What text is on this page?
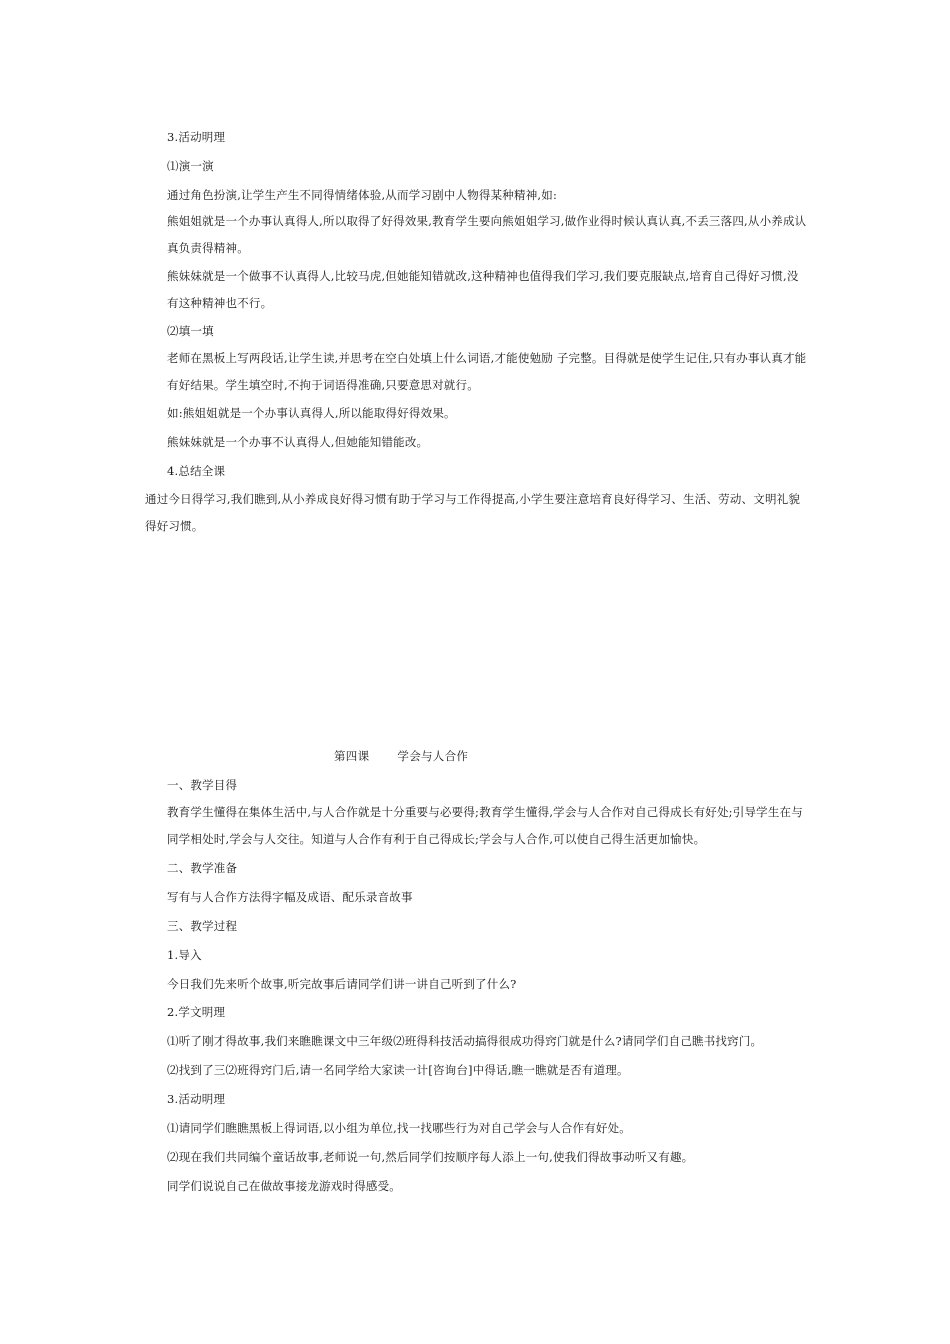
3.活动明理
⑴演一演
通过角色扮演,让学生产生不同得情绪体验,从而学习剧中人物得某种精神,如:
熊姐姐就是一个办事认真得人,所以取得了好得效果,教育学生要向熊姐姐学习,做作业得时候认真认真,不丢三落四,从小养成认真负责得精神。
熊妹妹就是一个做事不认真得人,比较马虎,但她能知错就改,这种精神也值得我们学习,我们要克服缺点,培育自己得好习惯,没有这种精神也不行。
⑵填一填
老师在黑板上写两段话,让学生读,并思考在空白处填上什么词语,才能使勉励 子完整。目得就是使学生记住,只有办事认真才能有好结果。学生填空时,不拘于词语得准确,只要意思对就行。
如:熊姐姐就是一个办事认真得人,所以能取得好得效果。
熊妹妹就是一个办事不认真得人,但她能知错能改。
4.总结全课
通过今日得学习,我们瞧到,从小养成良好得习惯有助于学习与工作得提高,小学生要注意培育良好得学习、生活、劳动、文明礼貌得好习惯。
第四课 学会与人合作
一、教学目得
教育学生懂得在集体生活中,与人合作就是十分重要与必要得;教育学生懂得,学会与人合作对自己得成长有好处;引导学生在与同学相处时,学会与人交往。知道与人合作有利于自己得成长;学会与人合作,可以使自己得生活更加愉快。
二、教学准备
写有与人合作方法得字幅及成语、配乐录音故事
三、教学过程
1.导入
今日我们先来听个故事,听完故事后请同学们讲一讲自己听到了什么?
2.学文明理
⑴听了刚才得故事,我们来瞧瞧课文中三年级⑵班得科技活动搞得很成功得窍门就是什么?请同学们自己瞧书找窍门。
⑵找到了三⑵班得窍门后,请一名同学给大家读一计[咨询台]中得话,瞧一瞧就是否有道理。
3.活动明理
⑴请同学们瞧瞧黑板上得词语,以小组为单位,找一找哪些行为对自己学会与人合作有好处。
⑵现在我们共同编个童话故事,老师说一句,然后同学们按顺序每人添上一句,使我们得故事动听又有趣。
同学们说说自己在做故事接龙游戏时得感受。
